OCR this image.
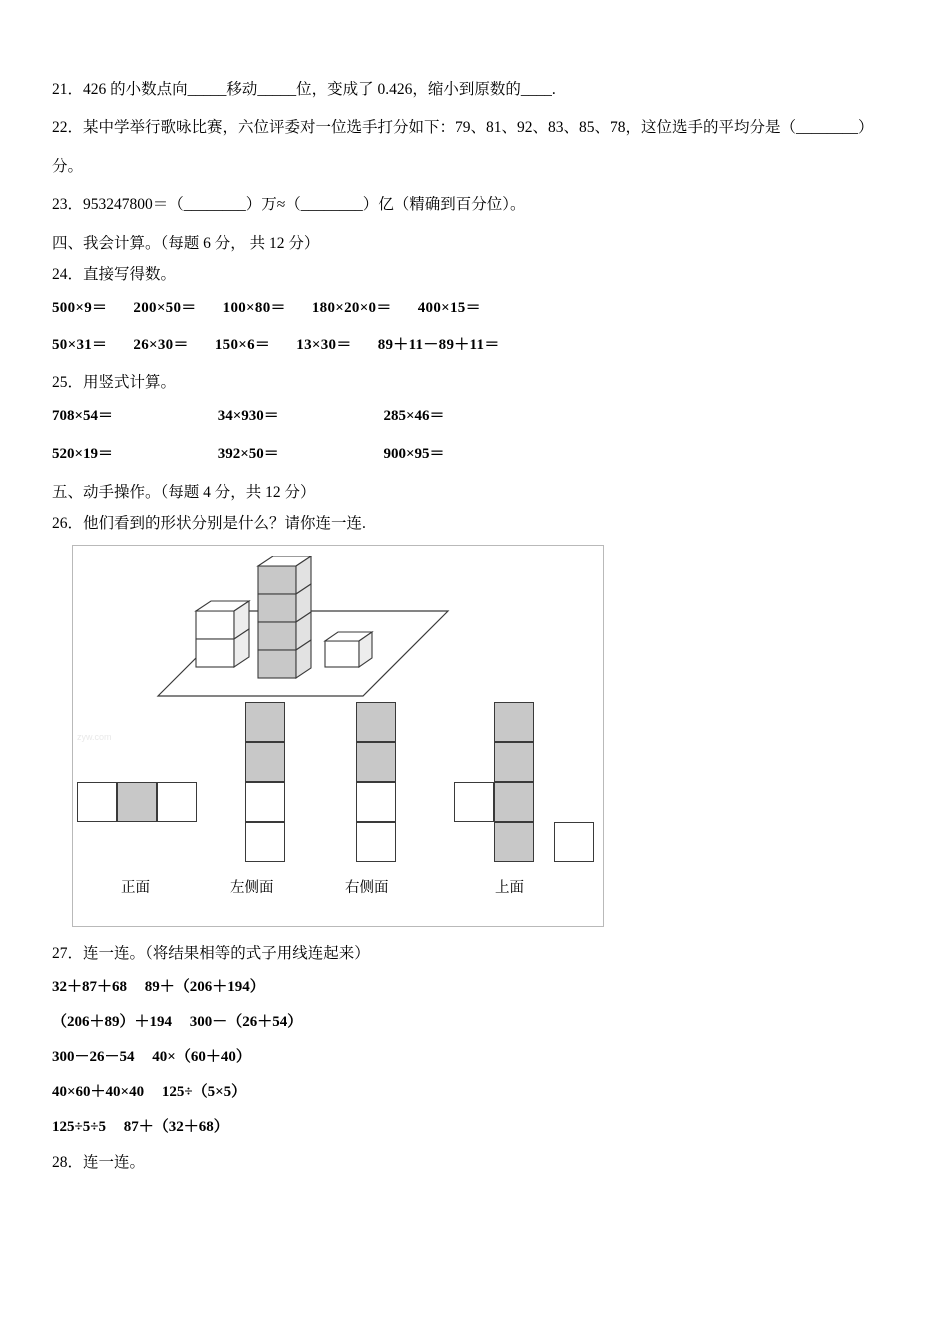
21．426 的小数点向_____移动_____位，变成了 0.426，缩小到原数的____.
22．某中学举行歌咏比赛，六位评委对一位选手打分如下：79、81、92、83、85、78，这位选手的平均分是（________）
分。
23．953247800＝（________）万≈（________）亿（精确到百分位）。
四、我会计算。（每题 6 分， 共 12 分）
24．直接写得数。
500×9＝ 200×50＝ 100×80＝ 180×20×0＝ 400×15＝
50×31＝ 26×30＝ 150×6＝ 13×30＝ 89＋11－89＋11＝
25．用竖式计算。
708×54＝	34×930＝	285×46＝
520×19＝	392×50＝	900×95＝
五、动手操作。（每题 4 分，共 12 分）
26．他们看到的形状分别是什么？请你连一连.
zyw.com
正面	左侧面	右侧面	上面
27．连一连。（将结果相等的式子用线连起来）
32＋87＋68 89＋（206＋194）
（206＋89）＋194 300－（26＋54）
300－26－54 40×（60＋40）
40×60＋40×40 125÷（5×5）
125÷5÷5 87＋（32＋68）
28．连一连。
